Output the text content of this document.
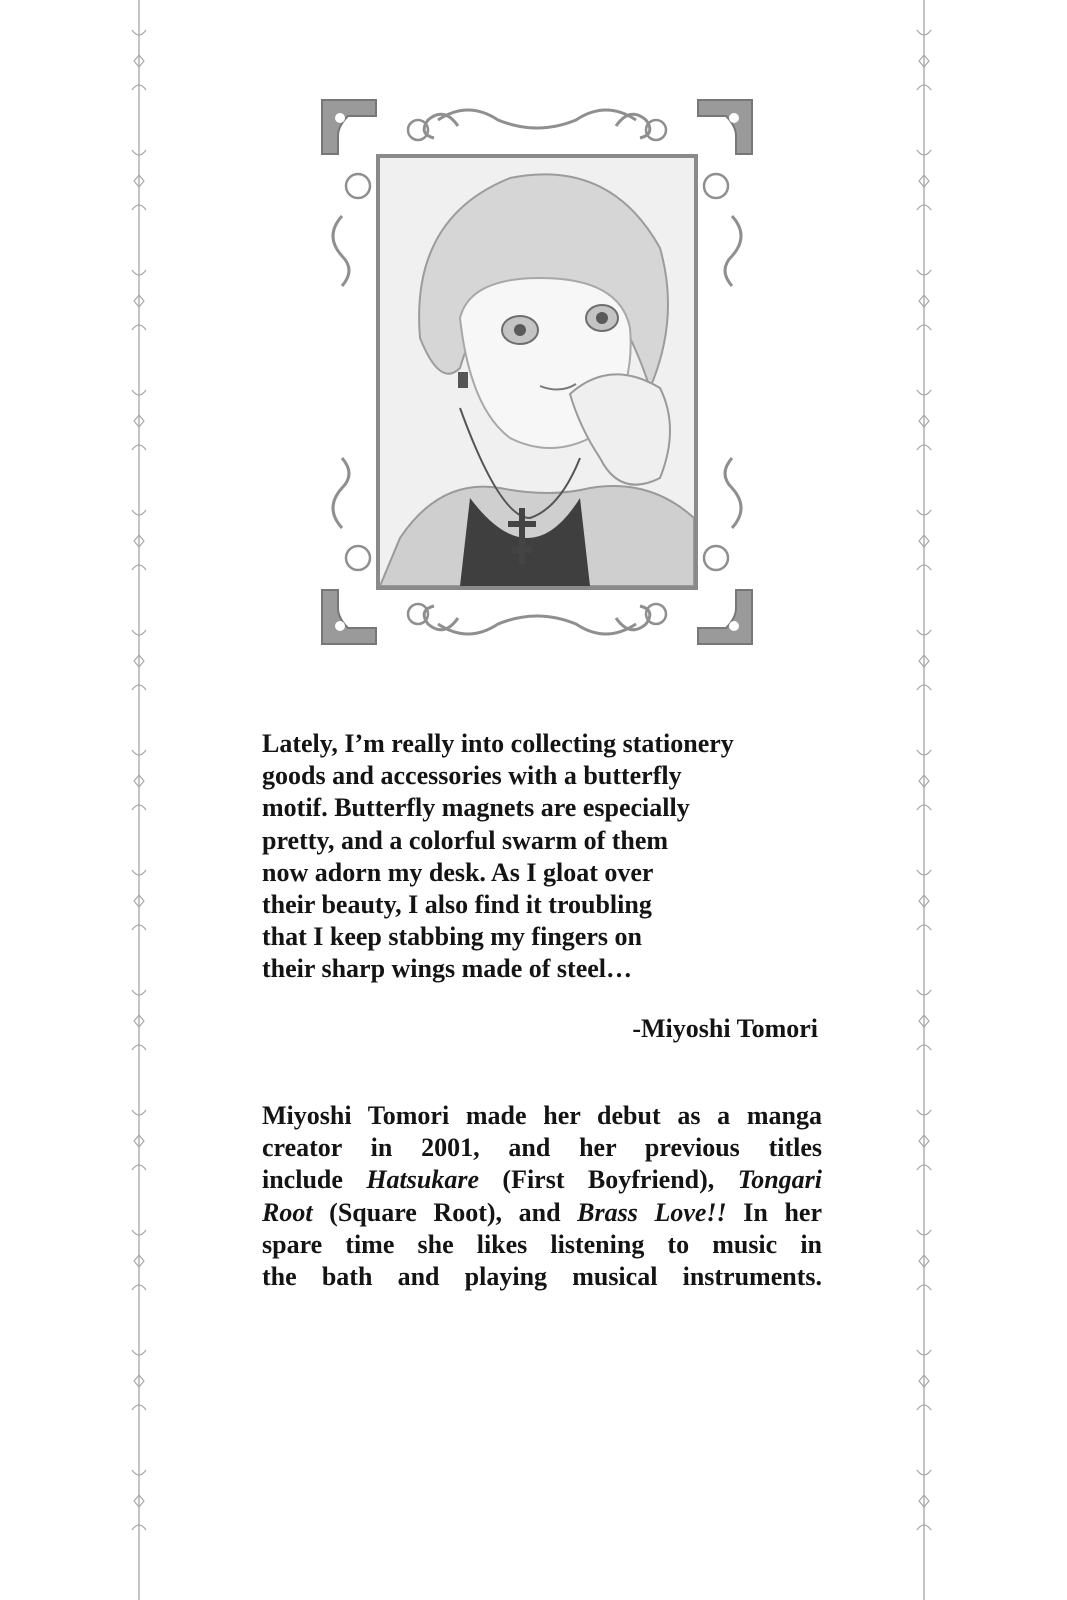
Lately, I’m really into collecting stationery
goods and accessories with a butterfly
motif. Butterfly magnets are especially
pretty, and a colorful swarm of them
now adorn my desk. As I gloat over
their beauty, I also find it troubling
that I keep stabbing my fingers on
their sharp wings made of steel…
-Miyoshi Tomori
Miyoshi Tomori made her debut as a manga
creator in 2001, and her previous titles
include Hatsukare (First Boyfriend), Tongari
Root (Square Root), and Brass Love!! In her
spare time she likes listening to music in
the bath and playing musical instruments.
